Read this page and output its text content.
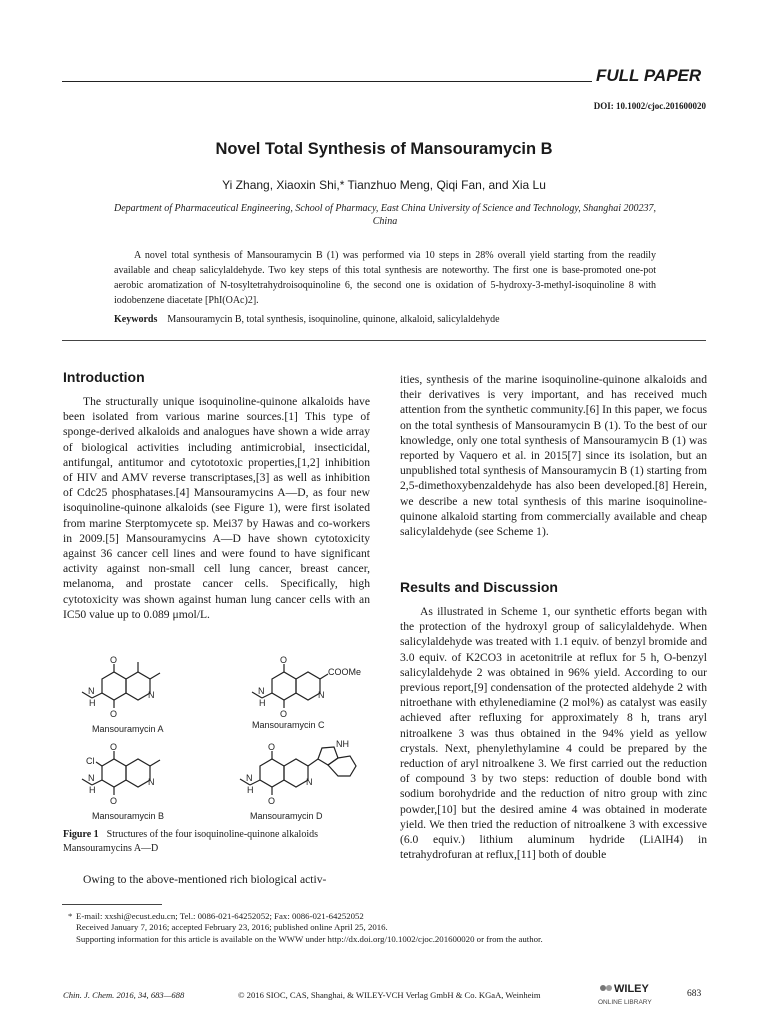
FULL PAPER
DOI: 10.1002/cjoc.201600020
Novel Total Synthesis of Mansouramycin B
Yi Zhang, Xiaoxin Shi,* Tianzhuo Meng, Qiqi Fan, and Xia Lu
Department of Pharmaceutical Engineering, School of Pharmacy, East China University of Science and Technology, Shanghai 200237, China
A novel total synthesis of Mansouramycin B (1) was performed via 10 steps in 28% overall yield starting from the readily available and cheap salicylaldehyde. Two key steps of this total synthesis are noteworthy. The first one is base-promoted one-pot aerobic aromatization of N-tosyltetrahydroisoquinoline 6, the second one is oxidation of 5-hydroxy-3-methyl-isoquinoline 8 with iodobenzene diacetate [PhI(OAc)2].
Keywords Mansouramycin B, total synthesis, isoquinoline, quinone, alkaloid, salicylaldehyde
Introduction
The structurally unique isoquinoline-quinone alkaloids have been isolated from various marine sources.[1] This type of sponge-derived alkaloids and analogues have shown a wide array of biological activities including antimicrobial, insecticidal, antifungal, antitumor and cytototoxic properties,[1,2] inhibition of HIV and AMV reverse transcriptases,[3] as well as inhibition of Cdc25 phosphatases.[4] Mansouramycins A—D, as four new isoquinoline-quinone alkaloids (see Figure 1), were first isolated from marine Sterptomycete sp. Mei37 by Hawas and co-workers in 2009.[5] Mansouramycins A—D have shown cytotoxicity against 36 cancer cell lines and were found to have significant activity against non-small cell lung cancer, breast cancer, melanoma, and prostate cancer cells. Specifically, high cytotoxicity was shown against human lung cancer cells with an IC50 value up to 0.089 μmol/L.
O
O
N
N
H
Mansouramycin A
O
O
N
N
H
COOMe
Mansouramycin C
O
O
Cl
N
N
H
Mansouramycin B
O
O
N
N
H
NH
Mansouramycin D
Figure 1 Structures of the four isoquinoline-quinone alkaloids Mansouramycins A—D
Owing to the above-mentioned rich biological activ-
ities, synthesis of the marine isoquinoline-quinone alkaloids and their derivatives is very important, and has received much attention from the synthetic community.[6] In this paper, we focus on the total synthesis of Mansouramycin B (1). To the best of our knowledge, only one total synthesis of Mansouramycin B (1) was reported by Vaquero et al. in 2015[7] since its isolation, but an unpublished total synthesis of Mansouramycin B (1) starting from 2,5-dimethoxybenzaldehyde has also been developed.[8] Herein, we describe a new total synthesis of this marine isoquinoline-quinone alkaloid starting from commercially available and cheap salicylaldehyde (see Scheme 1).
Results and Discussion
As illustrated in Scheme 1, our synthetic efforts began with the protection of the hydroxyl group of salicylaldehyde. When salicylaldehyde was treated with 1.1 equiv. of benzyl bromide and 3.0 equiv. of K2CO3 in acetonitrile at reflux for 5 h, O-benzyl salicylaldehyde 2 was obtained in 96% yield. According to our previous report,[9] condensation of the protected aldehyde 2 with nitroethane with ethylenediamine (2 mol%) as catalyst was easily achieved after refluxing for approximately 8 h, trans aryl nitroalkene 3 was thus obtained in the 94% yield as yellow crystals. Next, phenylethylamine 4 could be prepared by the reduction of aryl nitroalkene 3. We first carried out the reduction of compound 3 by two steps: reduction of double bond with sodium borohydride and the reduction of nitro group with zinc powder,[10] but the desired amine 4 was obtained in moderate yield. We then tried the reduction of nitroalkene 3 with excessive (6.0 equiv.) lithium aluminum hydride (LiAlH4) in tetrahydrofuran at reflux,[11] both of double
* E-mail: xxshi@ecust.edu.cn; Tel.: 0086-021-64252052; Fax: 0086-021-64252052
Received January 7, 2016; accepted February 23, 2016; published online April 25, 2016.
Supporting information for this article is available on the WWW under http://dx.doi.org/10.1002/cjoc.201600020 or from the author.
Chin. J. Chem. 2016, 34, 683—688	© 2016 SIOC, CAS, Shanghai, & WILEY-VCH Verlag GmbH & Co. KGaA, Weinheim	WILEY
ONLINE LIBRARY
683
